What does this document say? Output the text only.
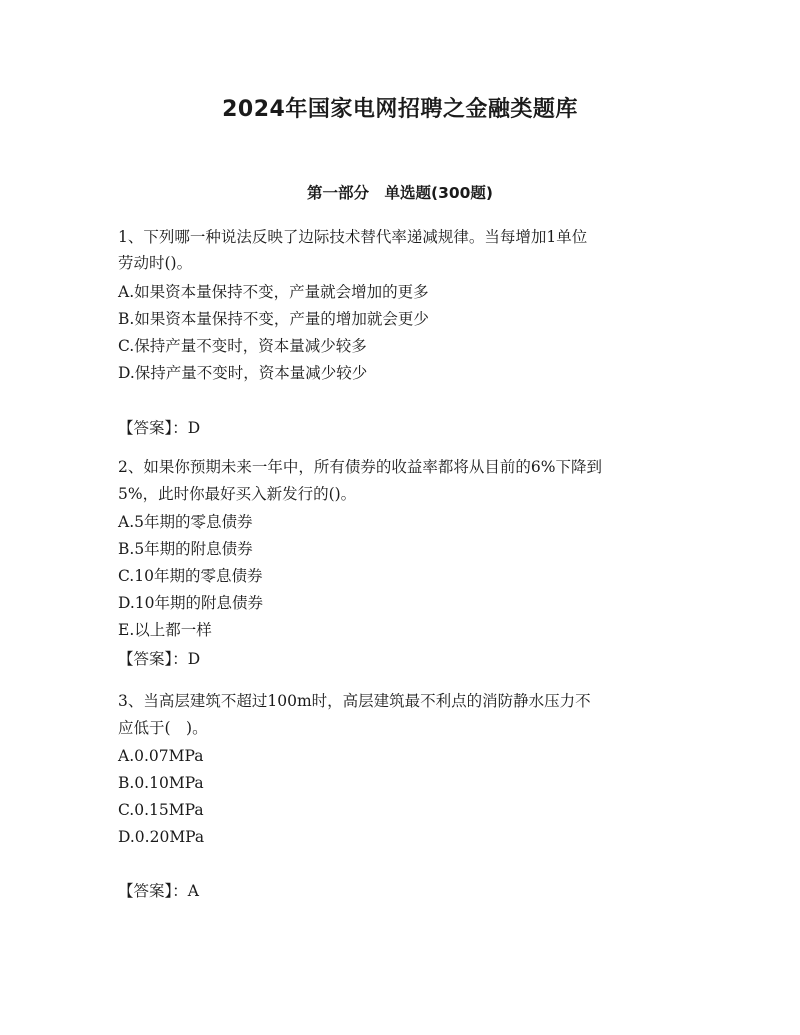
2024年国家电网招聘之金融类题库
第一部分　单选题(300题)
1、下列哪一种说法反映了边际技术替代率递减规律。当每增加1单位
劳动时()。
A.如果资本量保持不变，产量就会增加的更多
B.如果资本量保持不变，产量的增加就会更少
C.保持产量不变时，资本量减少较多
D.保持产量不变时，资本量减少较少
【答案】：D
2、如果你预期未来一年中，所有债券的收益率都将从目前的6%下降到
5%，此时你最好买入新发行的()。
A.5年期的零息债券
B.5年期的附息债券
C.10年期的零息债券
D.10年期的附息债券
E.以上都一样
【答案】：D
3、当高层建筑不超过100m时，高层建筑最不利点的消防静水压力不
应低于(　)。
A.0.07MPa
B.0.10MPa
C.0.15MPa
D.0.20MPa
【答案】：A
